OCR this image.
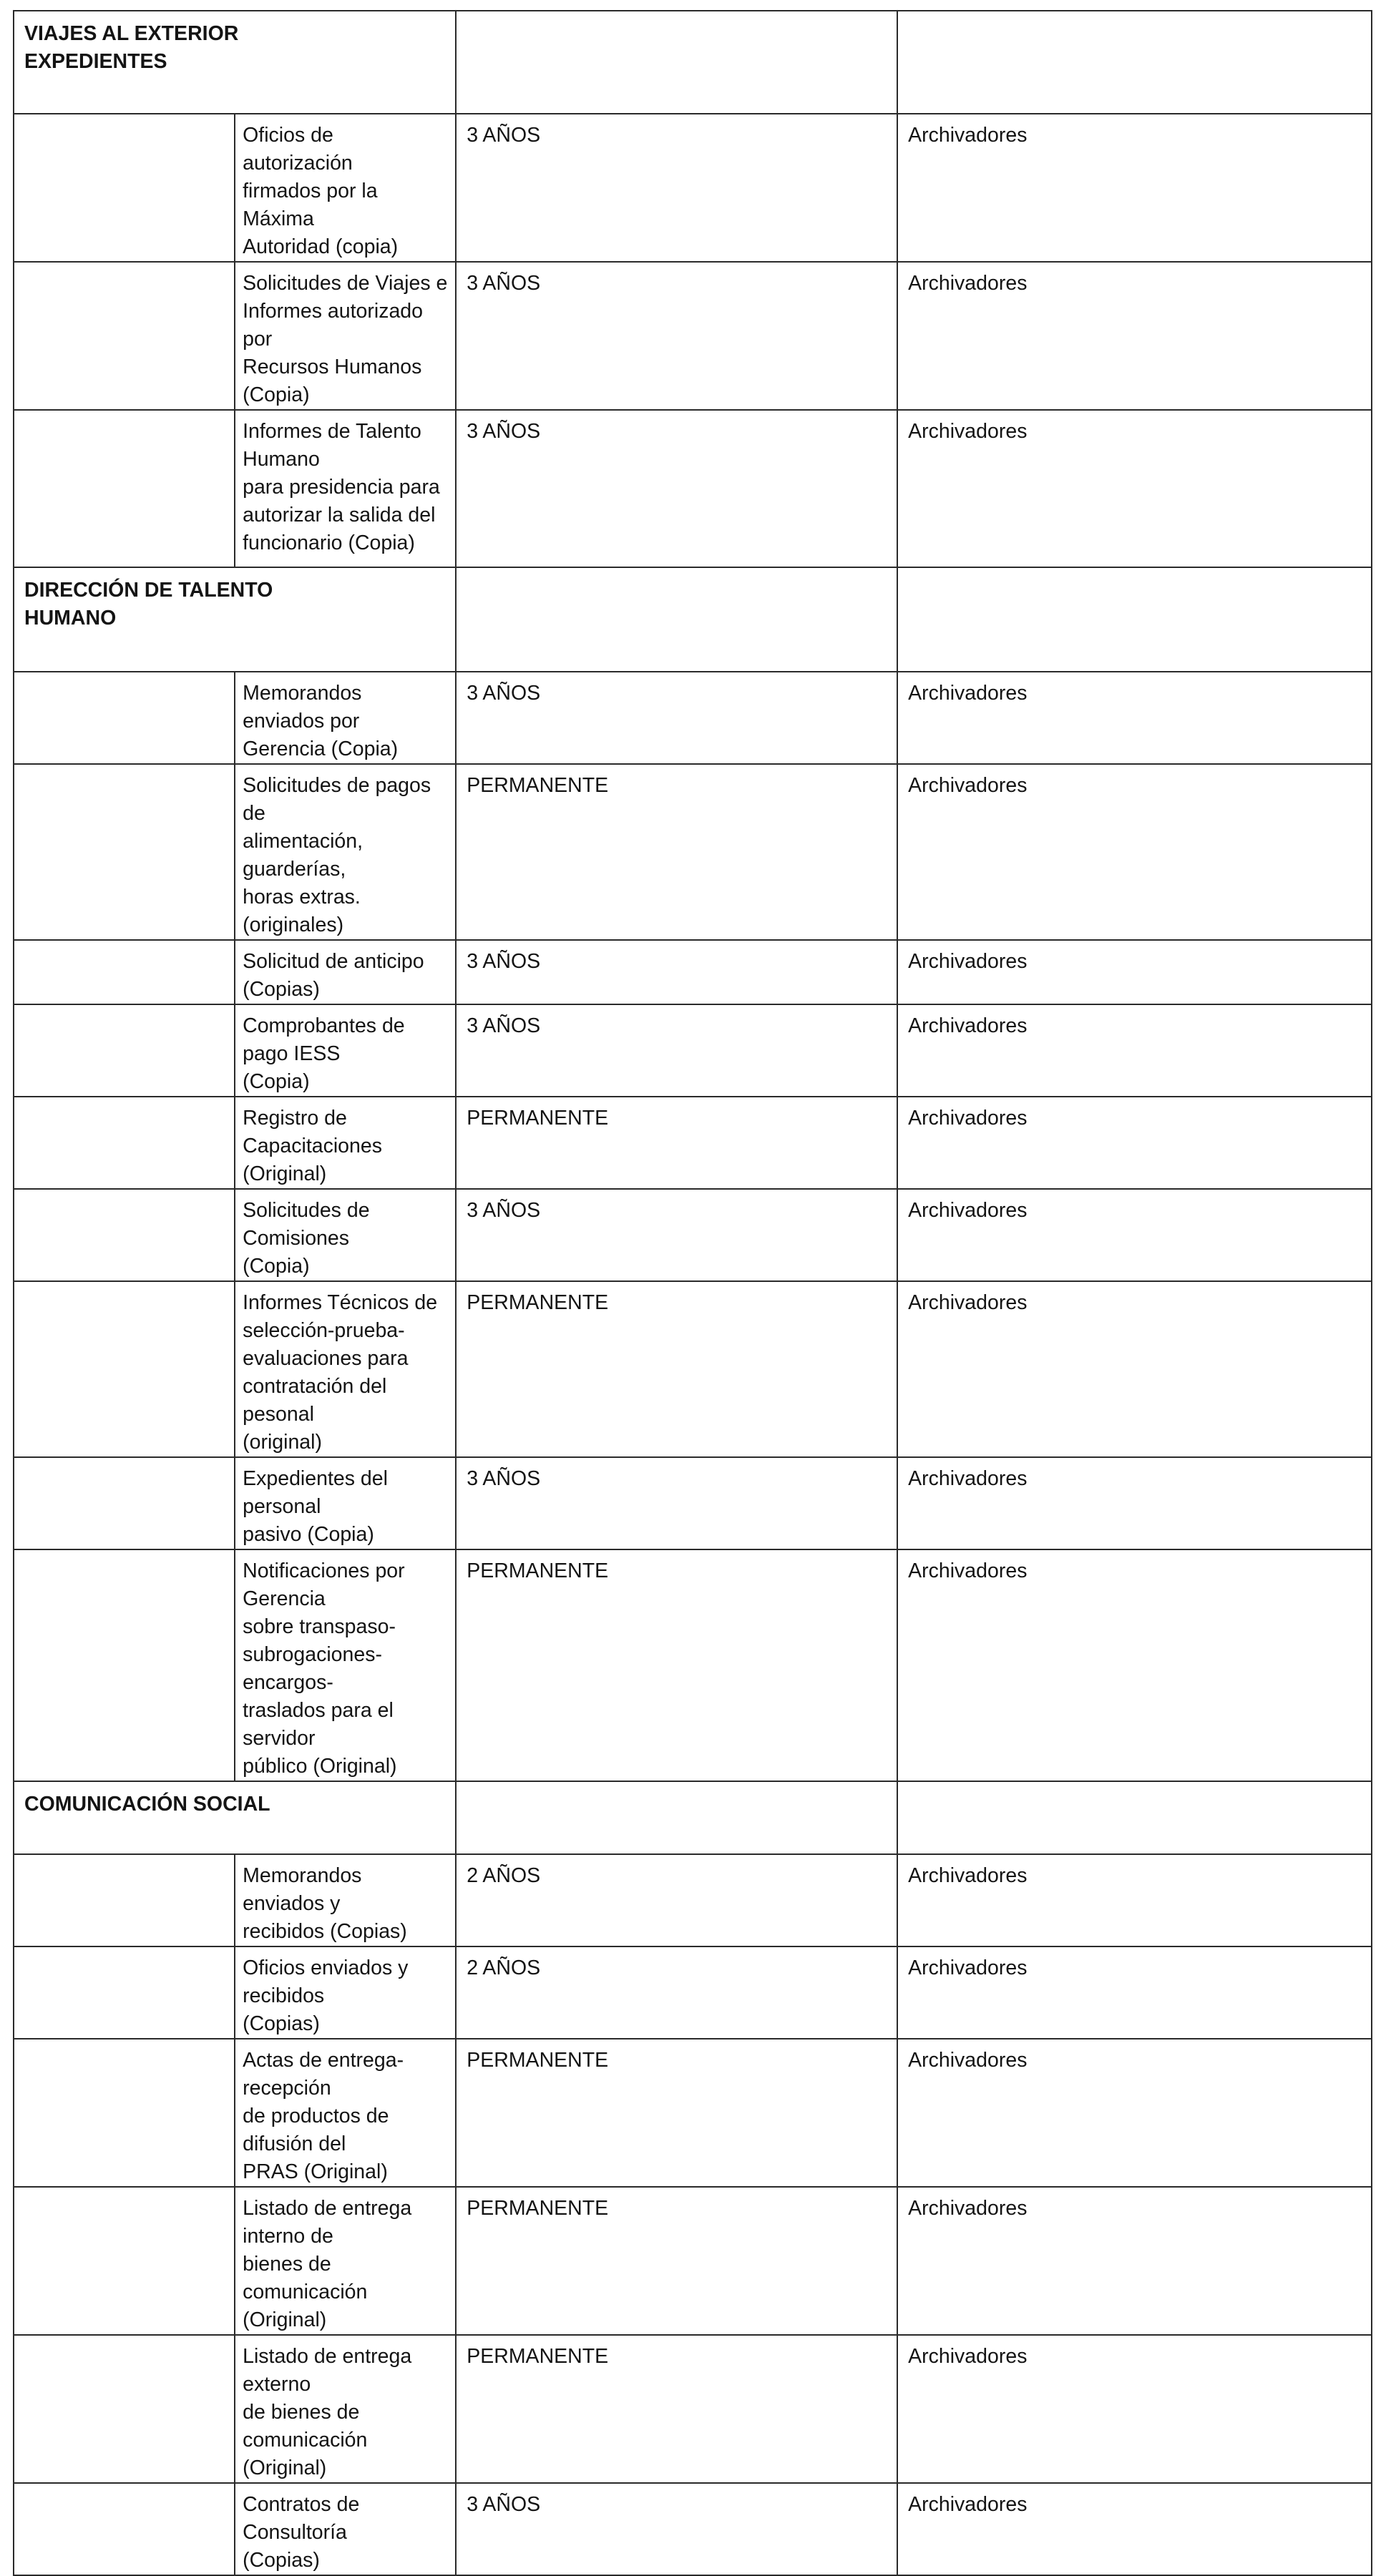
VIAJES AL EXTERIOR
EXPEDIENTES			

	Oficios de autorización
firmados por la Máxima
Autoridad (copia)	3 AÑOS	Archivadores

	Solicitudes de Viajes e
Informes autorizado por
Recursos Humanos (Copia)	3 AÑOS	Archivadores

	Informes de Talento Humano
para presidencia para
autorizar la salida del
funcionario (Copia)	3 AÑOS	Archivadores

DIRECCIÓN DE TALENTO
HUMANO			

	Memorandos enviados por
Gerencia (Copia)	3 AÑOS	Archivadores

	Solicitudes de pagos de
alimentación, guarderías,
horas extras. (originales)	PERMANENTE	Archivadores

	Solicitud de anticipo (Copias)	3 AÑOS	Archivadores

	Comprobantes de pago IESS
(Copia)	3 AÑOS	Archivadores

	Registro de Capacitaciones
(Original)	PERMANENTE	Archivadores

	Solicitudes de Comisiones
(Copia)	3 AÑOS	Archivadores

	Informes Técnicos de
selección-prueba-
evaluaciones para
contratación del pesonal
(original)	PERMANENTE	Archivadores

	Expedientes del personal
pasivo (Copia)	3 AÑOS	Archivadores

	Notificaciones por Gerencia
sobre transpaso-
subrogaciones-encargos-
traslados para el servidor
público (Original)	PERMANENTE	Archivadores

COMUNICACIÓN SOCIAL			

	Memorandos enviados y
recibidos (Copias)	2 AÑOS	Archivadores

	Oficios enviados y recibidos
(Copias)	2 AÑOS	Archivadores

	Actas de entrega-recepción
de productos de difusión del
PRAS (Original)	PERMANENTE	Archivadores

	Listado de entrega interno de
bienes de comunicación
(Original)	PERMANENTE	Archivadores

	Listado de entrega externo
de bienes de comunicación
(Original)	PERMANENTE	Archivadores

	Contratos de Consultoría
(Copias)	3 AÑOS	Archivadores
